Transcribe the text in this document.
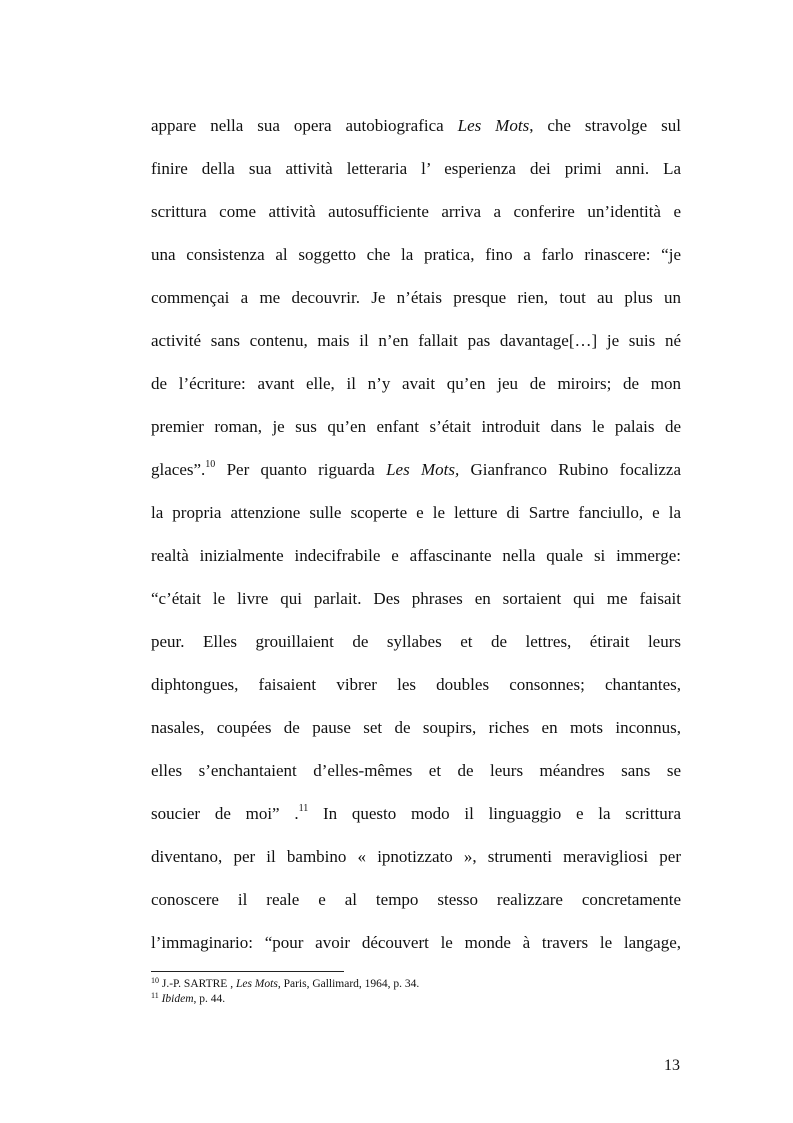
appare nella sua opera autobiografica Les Mots, che stravolge sul
finire della sua attività letteraria l’ esperienza dei primi anni. La
scrittura come attività autosufficiente arriva a conferire un’identità e
una consistenza al soggetto che la pratica, fino a farlo rinascere: “je
commençai a me decouvrir. Je n’étais presque rien, tout au plus un
activité sans contenu, mais il n’en fallait pas davantage[…] je suis né
de l’écriture: avant elle, il n’y avait qu’en jeu de miroirs; de mon
premier roman, je sus qu’en enfant s’était introduit dans le palais de
glaces”.$^{10}$ Per quanto riguarda Les Mots, Gianfranco Rubino focalizza
la propria attenzione sulle scoperte e le letture di Sartre fanciullo, e la
realtà inizialmente indecifrabile e affascinante nella quale si immerge:
“c’était le livre qui parlait. Des phrases en sortaient qui me faisait
peur. Elles grouillaient de syllabes et de lettres, étirait leurs
diphtongues, faisaient vibrer les doubles consonnes; chantantes,
nasales, coupées de pause set de soupirs, riches en mots inconnus,
elles s’enchantaient d’elles-mêmes et de leurs méandres sans se
soucier de moi” .$^{11}$ In questo modo il linguaggio e la scrittura
diventano, per il bambino « ipnotizzato », strumenti meravigliosi per
conoscere il reale e al tempo stesso realizzare concretamente
l’immaginario: “pour avoir découvert le monde à travers le langage,
$^{10}$ J.-P. SARTRE , Les Mots, Paris, Gallimard, 1964, p. 34.
$^{11}$ Ibidem, p. 44.
13
